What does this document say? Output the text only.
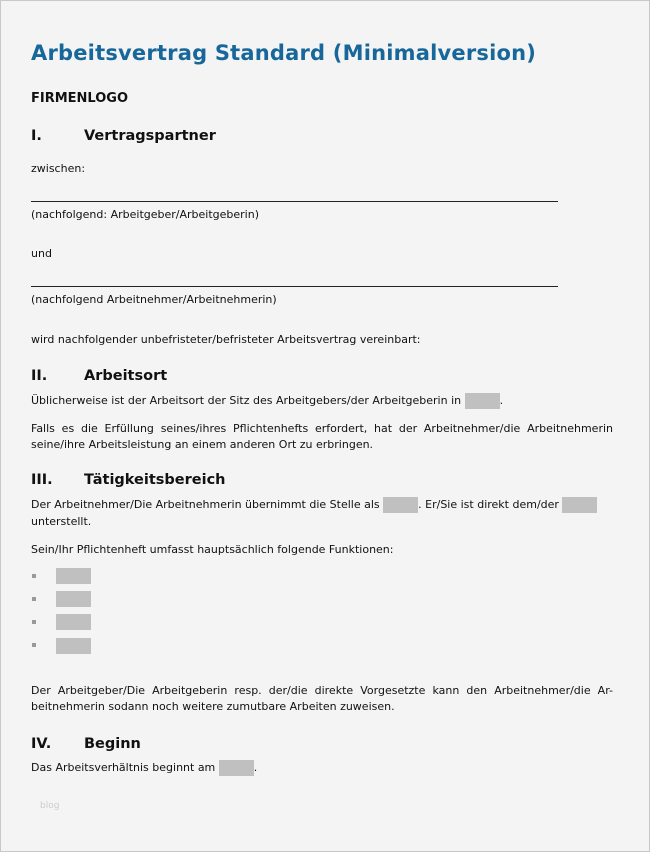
Arbeitsvertrag Standard (Minimalversion)
FIRMENLOGO
I.	Vertragspartner
zwischen:
(nachfolgend: Arbeitgeber/Arbeitgeberin)
und
(nachfolgend Arbeitnehmer/Arbeitnehmerin)
wird nachfolgender unbefristeter/befristeter Arbeitsvertrag vereinbart:
II.	Arbeitsort
Üblicherweise ist der Arbeitsort der Sitz des Arbeitgebers/der Arbeitgeberin in	.
Falls es die Erfüllung seines/ihres Pflichtenhefts erfordert, hat der Arbeitnehmer/die Arbeitnehmerin seine/ihre Arbeitsleistung an einem anderen Ort zu erbringen.
III. Tätigkeitsbereich
Der Arbeitnehmer/Die Arbeitnehmerin übernimmt die Stelle als	. Er/Sie ist direkt dem/der
unterstellt.
Sein/Ihr Pflichtenheft umfasst hauptsächlich folgende Funktionen:
Der Arbeitgeber/Die Arbeitgeberin resp. der/die direkte Vorgesetzte kann den Arbeitnehmer/die Ar-beitnehmerin sodann noch weitere zumutbare Arbeiten zuweisen.
IV. Beginn
Das Arbeitsverhältnis beginnt am	.
blog
